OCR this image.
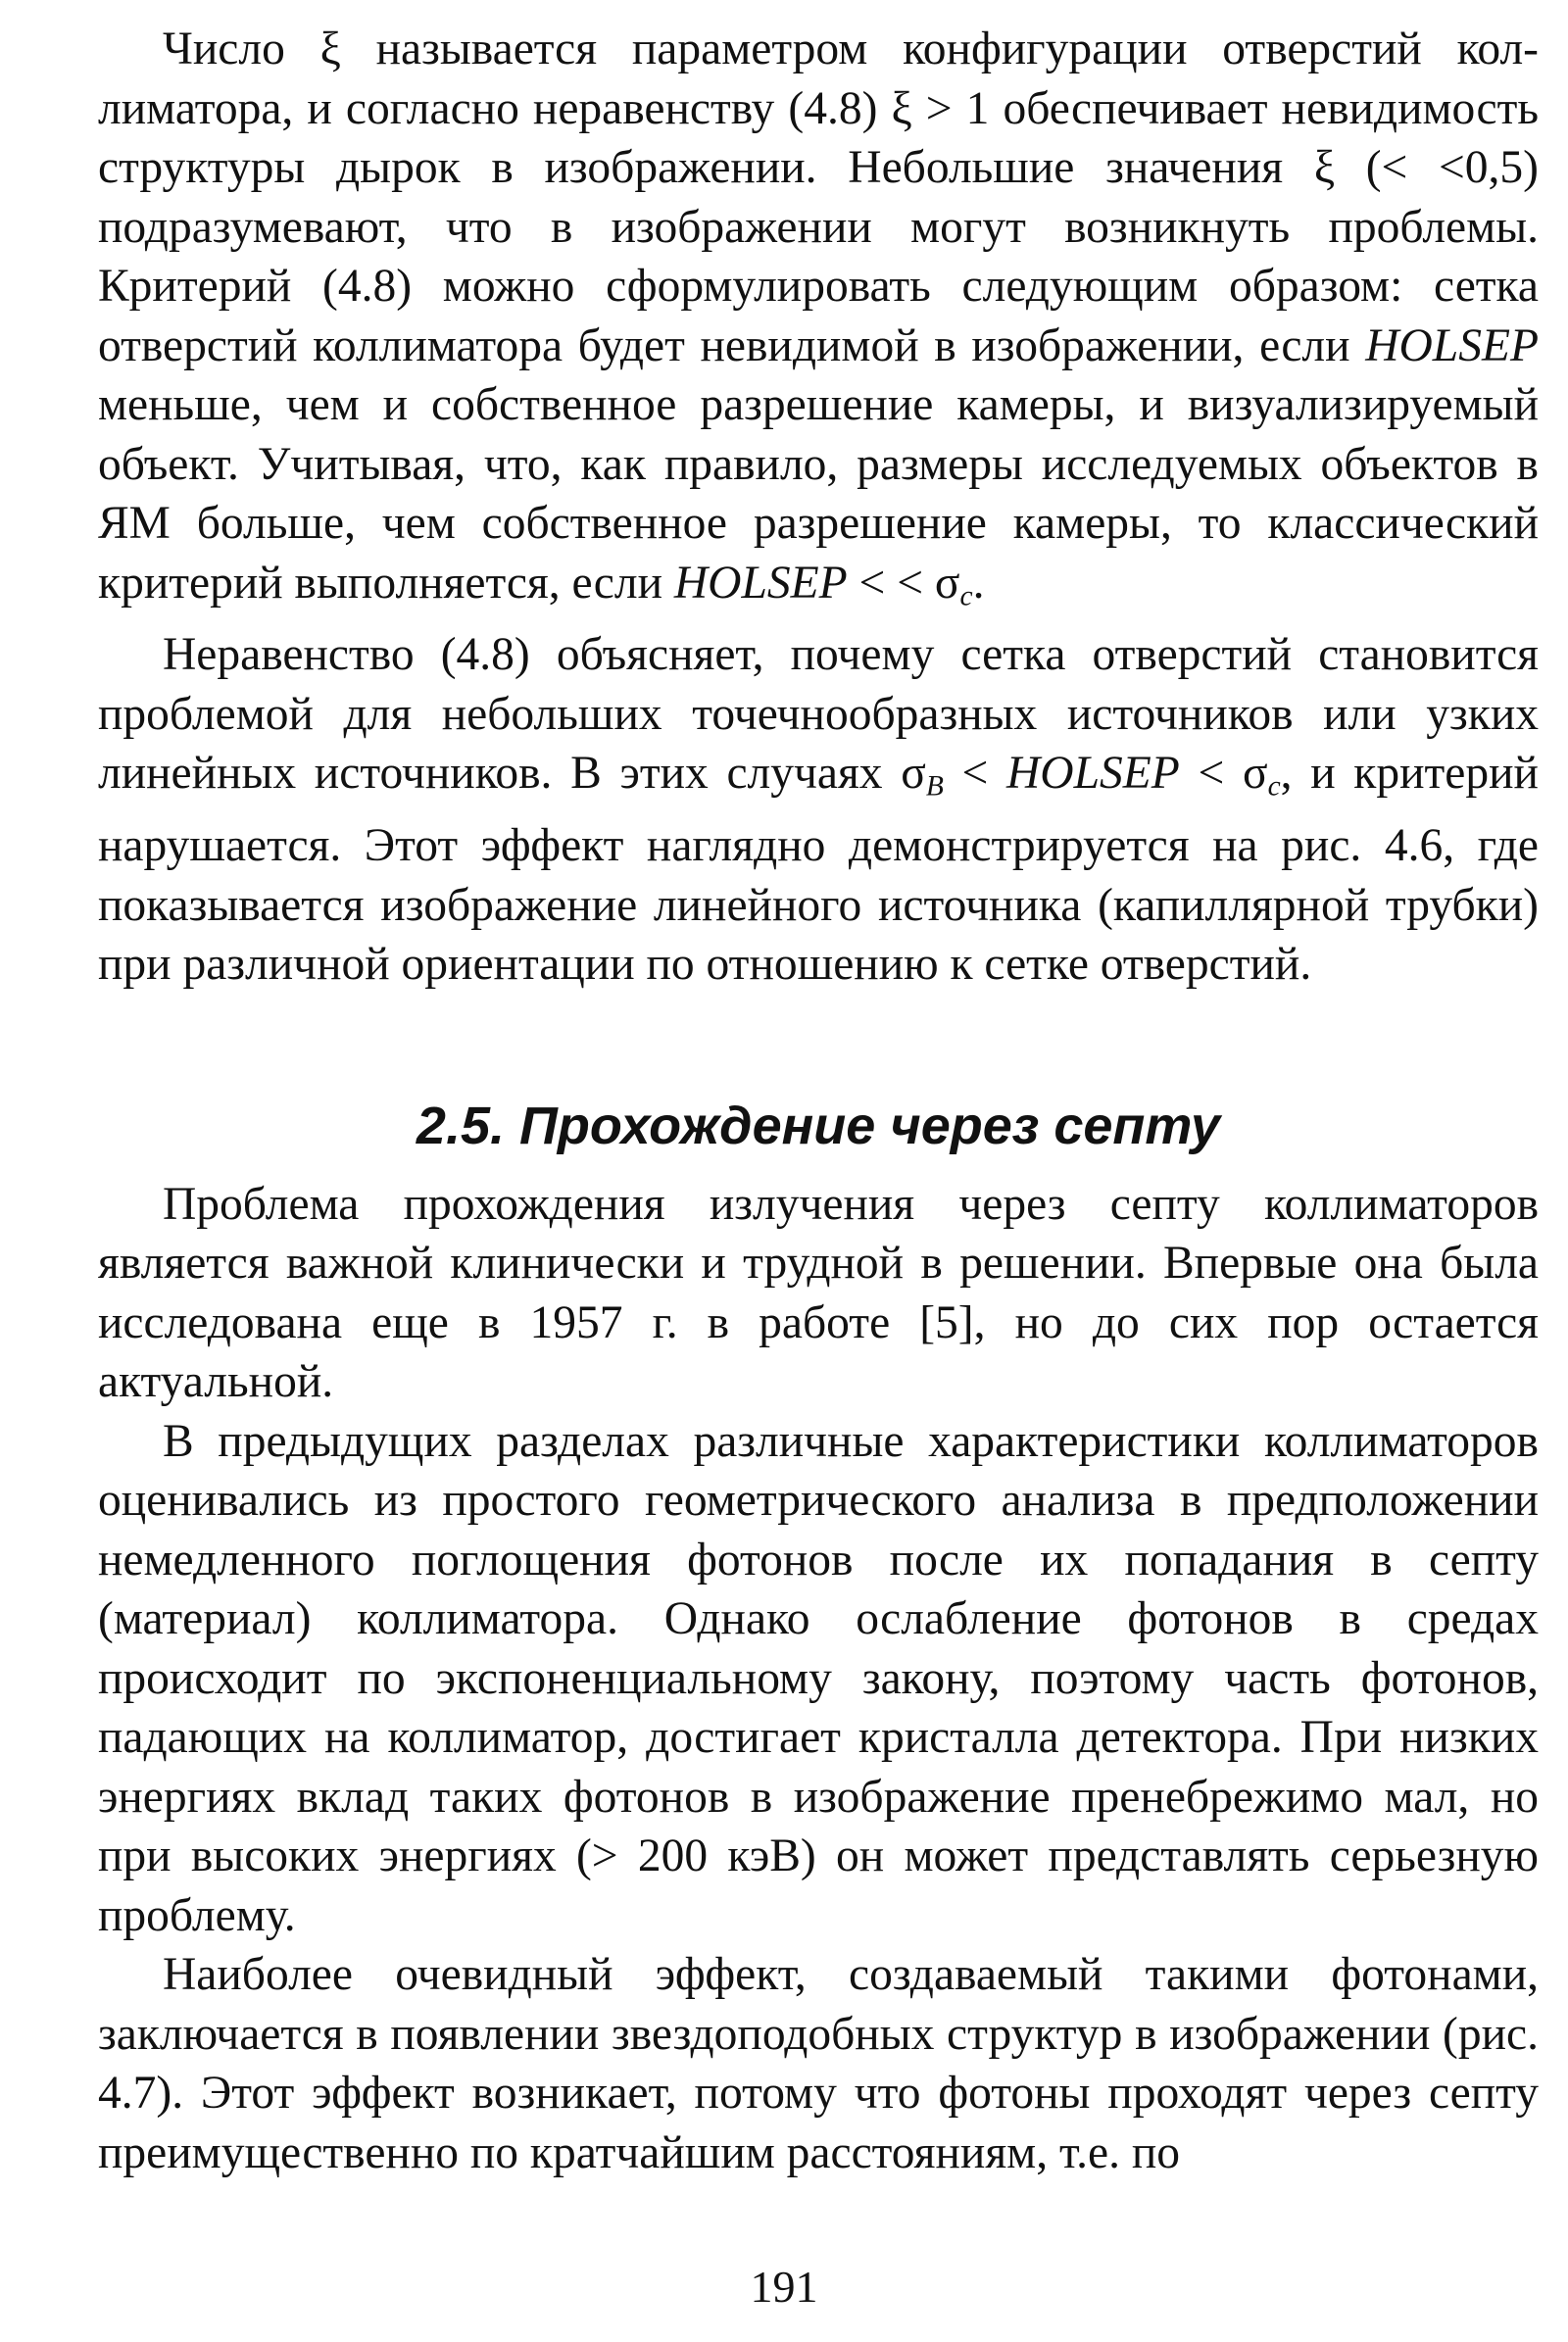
Число ξ называется параметром конфигурации отверстий коллиматора, и согласно неравенству (4.8) ξ > 1 обеспечивает невидимость структуры дырок в изображении. Небольшие значения ξ (< <0,5) подразумевают, что в изображении могут возникнуть проблемы. Критерий (4.8) можно сформулировать следующим образом: сетка отверстий коллиматора будет невидимой в изображении, если HOLSEP меньше, чем и собственное разрешение камеры, и визуализируемый объект. Учитывая, что, как правило, размеры исследуемых объектов в ЯМ больше, чем собственное разрешение камеры, то классический критерий выполняется, если HOLSEP < < $\sigma_c$.

Неравенство (4.8) объясняет, почему сетка отверстий становится проблемой для небольших точечнообразных источников или узких линейных источников. В этих случаях $\sigma_B$ < HOLSEP < $\sigma_c$, и критерий нарушается. Этот эффект наглядно демонстрируется на рис. 4.6, где показывается изображение линейного источника (капиллярной трубки) при различной ориентации по отношению к сетке отверстий.

2.5. Прохождение через септу

Проблема прохождения излучения через септу коллиматоров является важной клинически и трудной в решении. Впервые она была исследована еще в 1957 г. в работе [5], но до сих пор остается актуальной.

В предыдущих разделах различные характеристики коллиматоров оценивались из простого геометрического анализа в предположении немедленного поглощения фотонов после их попадания в септу (материал) коллиматора. Однако ослабление фотонов в средах происходит по экспоненциальному закону, поэтому часть фотонов, падающих на коллиматор, достигает кристалла детектора. При низких энергиях вклад таких фотонов в изображение пренебрежимо мал, но при высоких энергиях (> 200 кэВ) он может представлять серьезную проблему.

Наиболее очевидный эффект, создаваемый такими фотонами, заключается в появлении звездоподобных структур в изображении (рис. 4.7). Этот эффект возникает, потому что фотоны проходят через септу преимущественно по кратчайшим расстояниям, т.е. по

191
